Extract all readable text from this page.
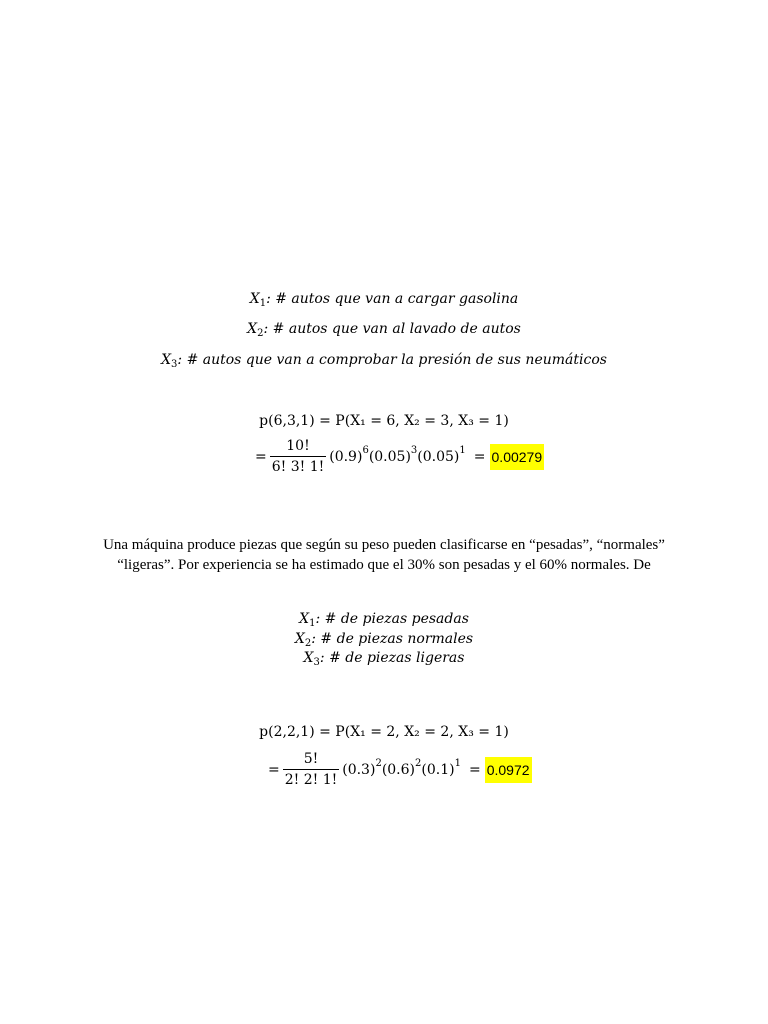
$X_1$: # autos que van a cargar gasolina
$X_2$: # autos que van al lavado de autos
$X_3$: # autos que van a comprobar la presión de sus neumáticos
p(6,3,1) = P(X₁ = 6, X₂ = 3, X₃ = 1)
= $\frac{10!}{6! 3! 1!} (0.9)$ 6 (0.05) 3 (0.05) 1 = 0.00279
Una máquina produce piezas que según su peso pueden clasificarse en “pesadas”, “normales”
“ligeras”. Por experiencia se ha estimado que el 30% son pesadas y el 60% normales. De
$X_1$: # de piezas pesadas
$X_2$: # de piezas normales
$X_3$: # de piezas ligeras
p(2,2,1) = P(X₁ = 2, X₂ = 2, X₃ = 1)
= $\frac{5!}{2! 2! 1!} (0.3)$ 2 (0.6) 2 (0.1) 1 = 0.0972
